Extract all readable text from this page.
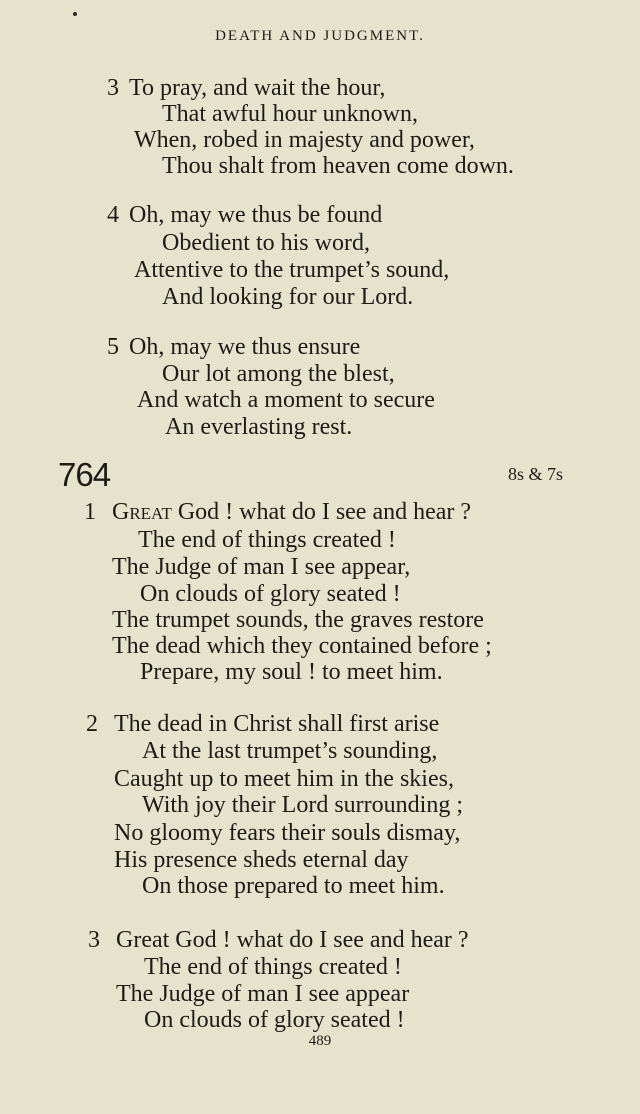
DEATH AND JUDGMENT.
3 To pray, and wait the hour,
That awful hour unknown,
When, robed in majesty and power,
Thou shalt from heaven come down.
4 Oh, may we thus be found
Obedient to his word,
Attentive to the trumpet’s sound,
And looking for our Lord.
5 Oh, may we thus ensure
Our lot among the blest,
And watch a moment to secure
An everlasting rest.
764	8s & 7s
1 Great God ! what do I see and hear ?
The end of things created !
The Judge of man I see appear,
On clouds of glory seated !
The trumpet sounds, the graves restore
The dead which they contained before ;
Prepare, my soul ! to meet him.
2 The dead in Christ shall first arise
At the last trumpet’s sounding,
Caught up to meet him in the skies,
With joy their Lord surrounding ;
No gloomy fears their souls dismay,
His presence sheds eternal day
On those prepared to meet him.
3 Great God ! what do I see and hear ?
The end of things created !
The Judge of man I see appear
On clouds of glory seated !
489
